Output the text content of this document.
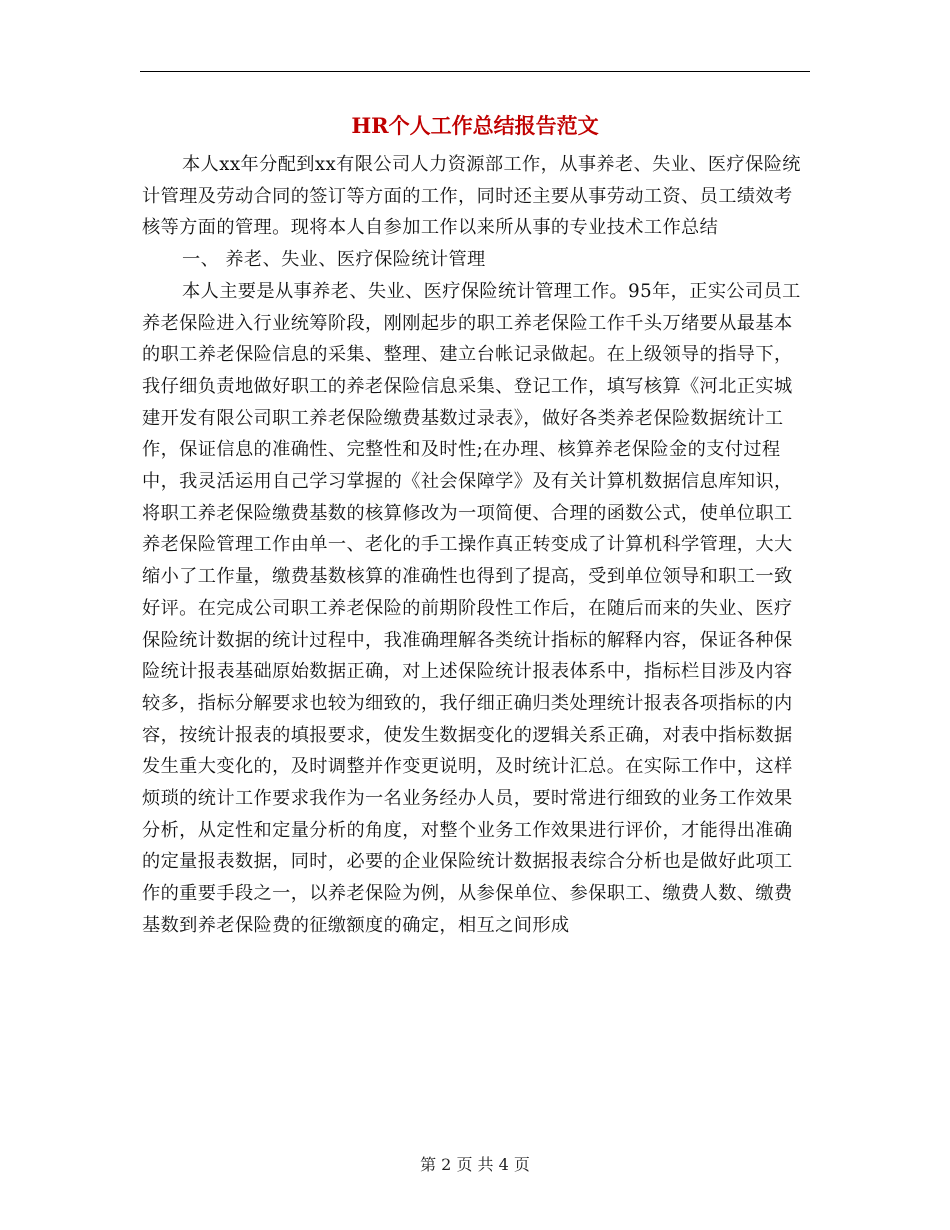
HR个人工作总结报告范文

本人xx年分配到xx有限公司人力资源部工作，从事养老、失业、医疗保险统计管理及劳动合同的签订等方面的工作，同时还主要从事劳动工资、员工绩效考核等方面的管理。现将本人自参加工作以来所从事的专业技术工作总结

一、 养老、失业、医疗保险统计管理

本人主要是从事养老、失业、医疗保险统计管理工作。95年，正实公司员工养老保险进入行业统筹阶段，刚刚起步的职工养老保险工作千头万绪要从最基本的职工养老保险信息的采集、整理、建立台帐记录做起。在上级领导的指导下，我仔细负责地做好职工的养老保险信息采集、登记工作，填写核算《河北正实城建开发有限公司职工养老保险缴费基数过录表》，做好各类养老保险数据统计工作，保证信息的准确性、完整性和及时性;在办理、核算养老保险金的支付过程中，我灵活运用自己学习掌握的《社会保障学》及有关计算机数据信息库知识，将职工养老保险缴费基数的核算修改为一项简便、合理的函数公式，使单位职工养老保险管理工作由单一、老化的手工操作真正转变成了计算机科学管理，大大缩小了工作量，缴费基数核算的准确性也得到了提高，受到单位领导和职工一致好评。在完成公司职工养老保险的前期阶段性工作后，在随后而来的失业、医疗保险统计数据的统计过程中，我准确理解各类统计指标的解释内容，保证各种保险统计报表基础原始数据正确，对上述保险统计报表体系中，指标栏目涉及内容较多，指标分解要求也较为细致的，我仔细正确归类处理统计报表各项指标的内容，按统计报表的填报要求，使发生数据变化的逻辑关系正确，对表中指标数据发生重大变化的，及时调整并作变更说明，及时统计汇总。在实际工作中，这样烦琐的统计工作要求我作为一名业务经办人员，要时常进行细致的业务工作效果分析，从定性和定量分析的角度，对整个业务工作效果进行评价，才能得出准确的定量报表数据，同时，必要的企业保险统计数据报表综合分析也是做好此项工作的重要手段之一，以养老保险为例，从参保单位、参保职工、缴费人数、缴费基数到养老保险费的征缴额度的确定，相互之间形成

第 2 页 共 4 页
